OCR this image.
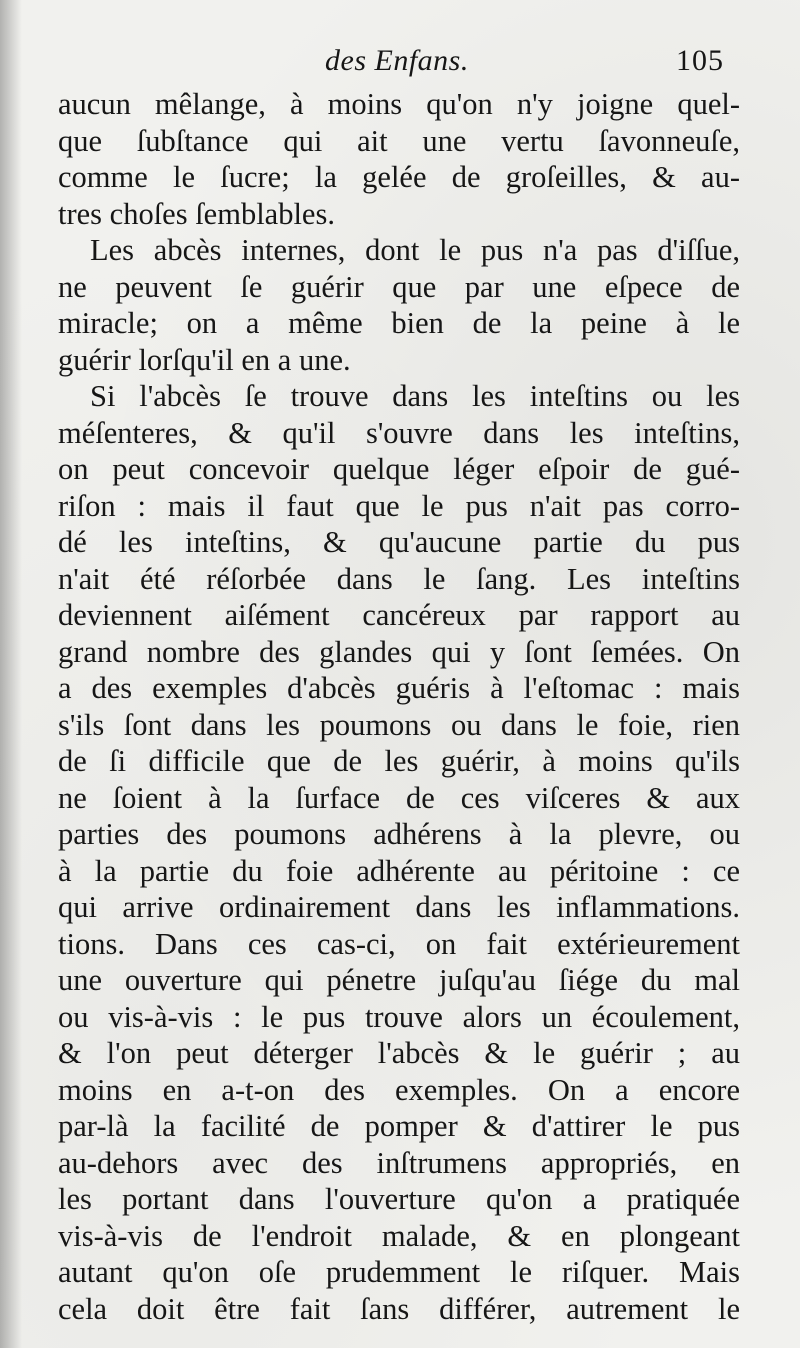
des Enfans.	105
aucun mêlange, à moins qu'on n'y joigne quel-
que ſubſtance qui ait une vertu ſavonneuſe,
comme le ſucre; la gelée de groſeilles, & au-
tres choſes ſemblables.
Les abcès internes, dont le pus n'a pas d'iſſue,
ne peuvent ſe guérir que par une eſpece de
miracle; on a même bien de la peine à le
guérir lorſqu'il en a une.
Si l'abcès ſe trouve dans les inteſtins ou les
méſenteres, & qu'il s'ouvre dans les inteſtins,
on peut concevoir quelque léger eſpoir de gué-
riſon : mais il faut que le pus n'ait pas corro-
dé les inteſtins, & qu'aucune partie du pus
n'ait été réſorbée dans le ſang. Les inteſtins
deviennent aiſément cancéreux par rapport au
grand nombre des glandes qui y ſont ſemées. On
a des exemples d'abcès guéris à l'eſtomac : mais
s'ils ſont dans les poumons ou dans le foie, rien
de ſi difficile que de les guérir, à moins qu'ils
ne ſoient à la ſurface de ces viſceres & aux
parties des poumons adhérens à la plevre, ou
à la partie du foie adhérente au péritoine : ce
qui arrive ordinairement dans les inflammations.
tions. Dans ces cas-ci, on fait extérieurement
une ouverture qui pénetre juſqu'au ſiége du mal
ou vis-à-vis : le pus trouve alors un écoulement,
& l'on peut déterger l'abcès & le guérir ; au
moins en a-t-on des exemples. On a encore
par-là la facilité de pomper & d'attirer le pus
au-dehors avec des inſtrumens appropriés, en
les portant dans l'ouverture qu'on a pratiquée
vis-à-vis de l'endroit malade, & en plongeant
autant qu'on oſe prudemment le riſquer. Mais
cela doit être fait ſans différer, autrement le
